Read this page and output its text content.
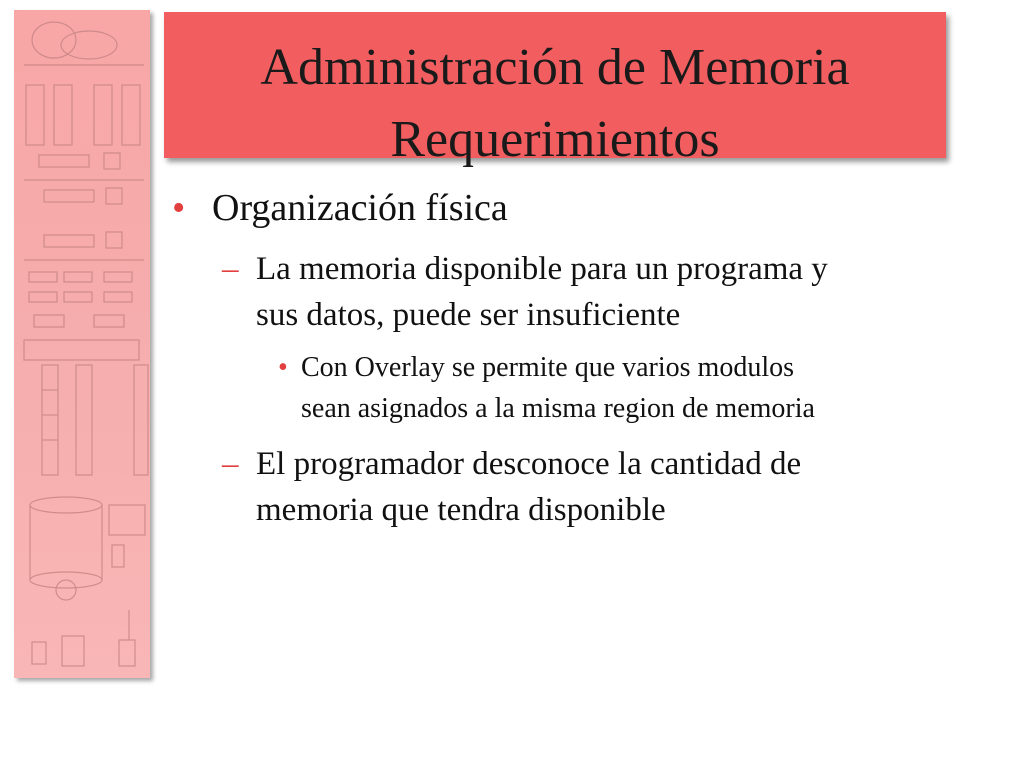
Administración de Memoria
Requerimientos
• Organización física
– La memoria disponible para un programa y
sus datos, puede ser insuficiente
• Con Overlay se permite que varios modulos
sean asignados a la misma region de memoria
– El programador desconoce la cantidad de
memoria que tendra disponible
